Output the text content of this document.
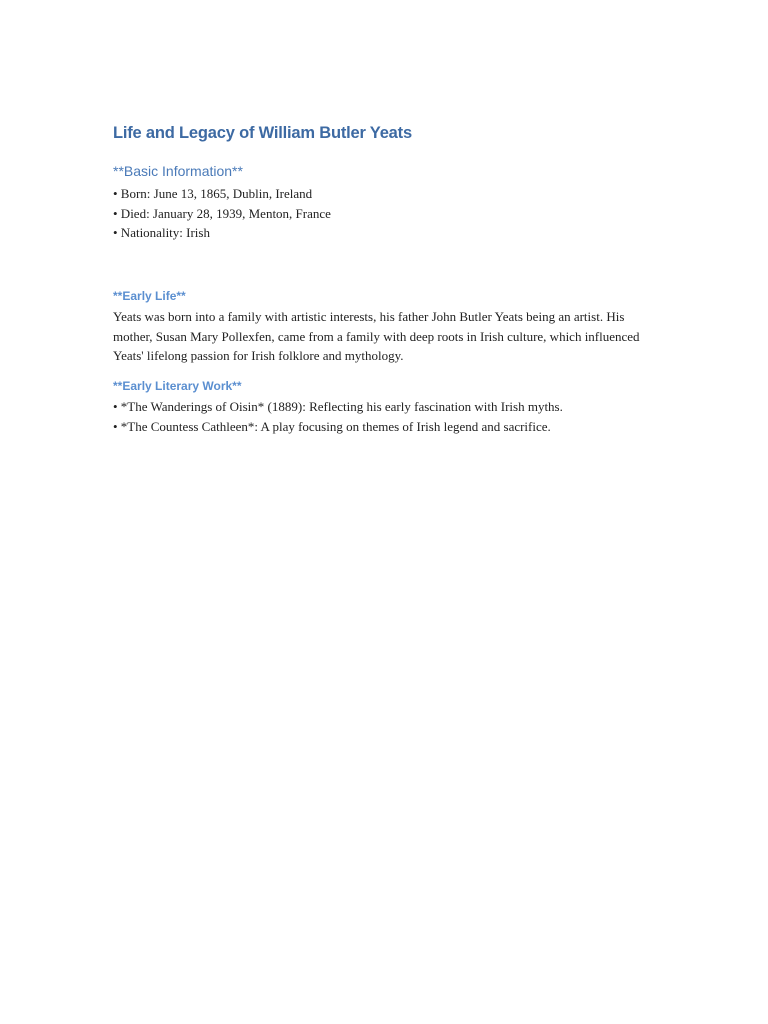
Life and Legacy of William Butler Yeats
**Basic Information**
• Born: June 13, 1865, Dublin, Ireland
• Died: January 28, 1939, Menton, France
• Nationality: Irish
**Early Life**

Yeats was born into a family with artistic interests, his father John Butler Yeats being an artist. His mother, Susan Mary Pollexfen, came from a family with deep roots in Irish culture, which influenced Yeats' lifelong passion for Irish folklore and mythology.

**Early Literary Work**
• *The Wanderings of Oisin* (1889): Reflecting his early fascination with Irish myths.
• *The Countess Cathleen*: A play focusing on themes of Irish legend and sacrifice.
